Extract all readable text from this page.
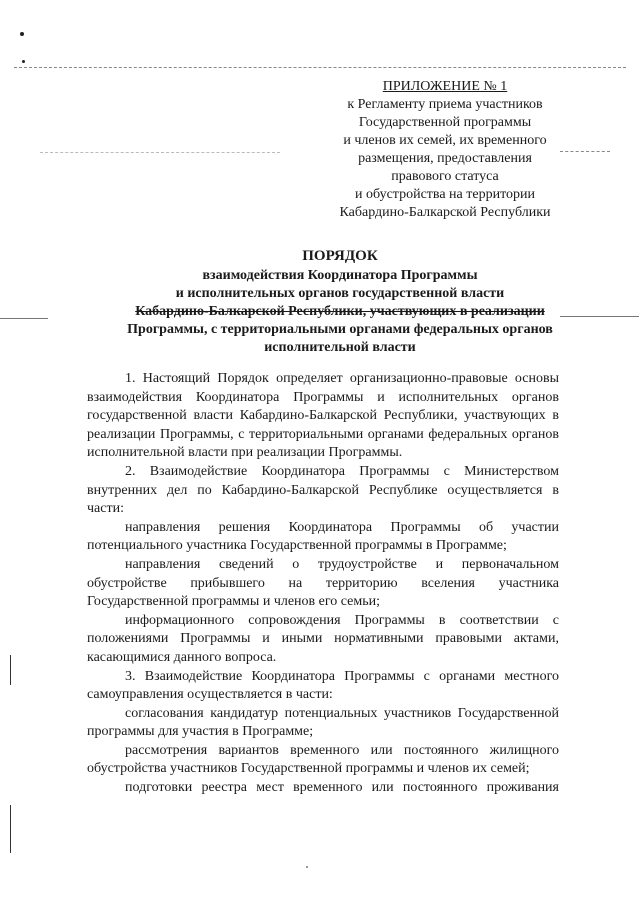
ПРИЛОЖЕНИЕ № 1
к Регламенту приема участников
Государственной программы
и членов их семей, их временного
размещения, предоставления
правового статуса
и обустройства на территории
Кабардино-Балкарской Республики
ПОРЯДОК
взаимодействия Координатора Программы
и исполнительных органов государственной власти
Кабардино-Балкарской Республики, участвующих в реализации
Программы, с территориальными органами федеральных органов
исполнительной власти

1. Настоящий Порядок определяет организационно-правовые основы взаимодействия Координатора Программы и исполнительных органов государственной власти Кабардино-Балкарской Республики, участвующих в реализации Программы, с территориальными органами федеральных органов исполнительной власти при реализации Программы.

2. Взаимодействие Координатора Программы с Министерством внутренних дел по Кабардино-Балкарской Республике осуществляется в части:

направления решения Координатора Программы об участии потенциального участника Государственной программы в Программе;

направления сведений о трудоустройстве и первоначальном обустройстве прибывшего на территорию вселения участника Государственной программы и членов его семьи;

информационного сопровождения Программы в соответствии с положениями Программы и иными нормативными правовыми актами, касающимися данного вопроса.

3. Взаимодействие Координатора Программы с органами местного самоуправления осуществляется в части:

согласования кандидатур потенциальных участников Государственной программы для участия в Программе;

рассмотрения вариантов временного или постоянного жилищного обустройства участников Государственной программы и членов их семей;

подготовки реестра мест временного или постоянного проживания
